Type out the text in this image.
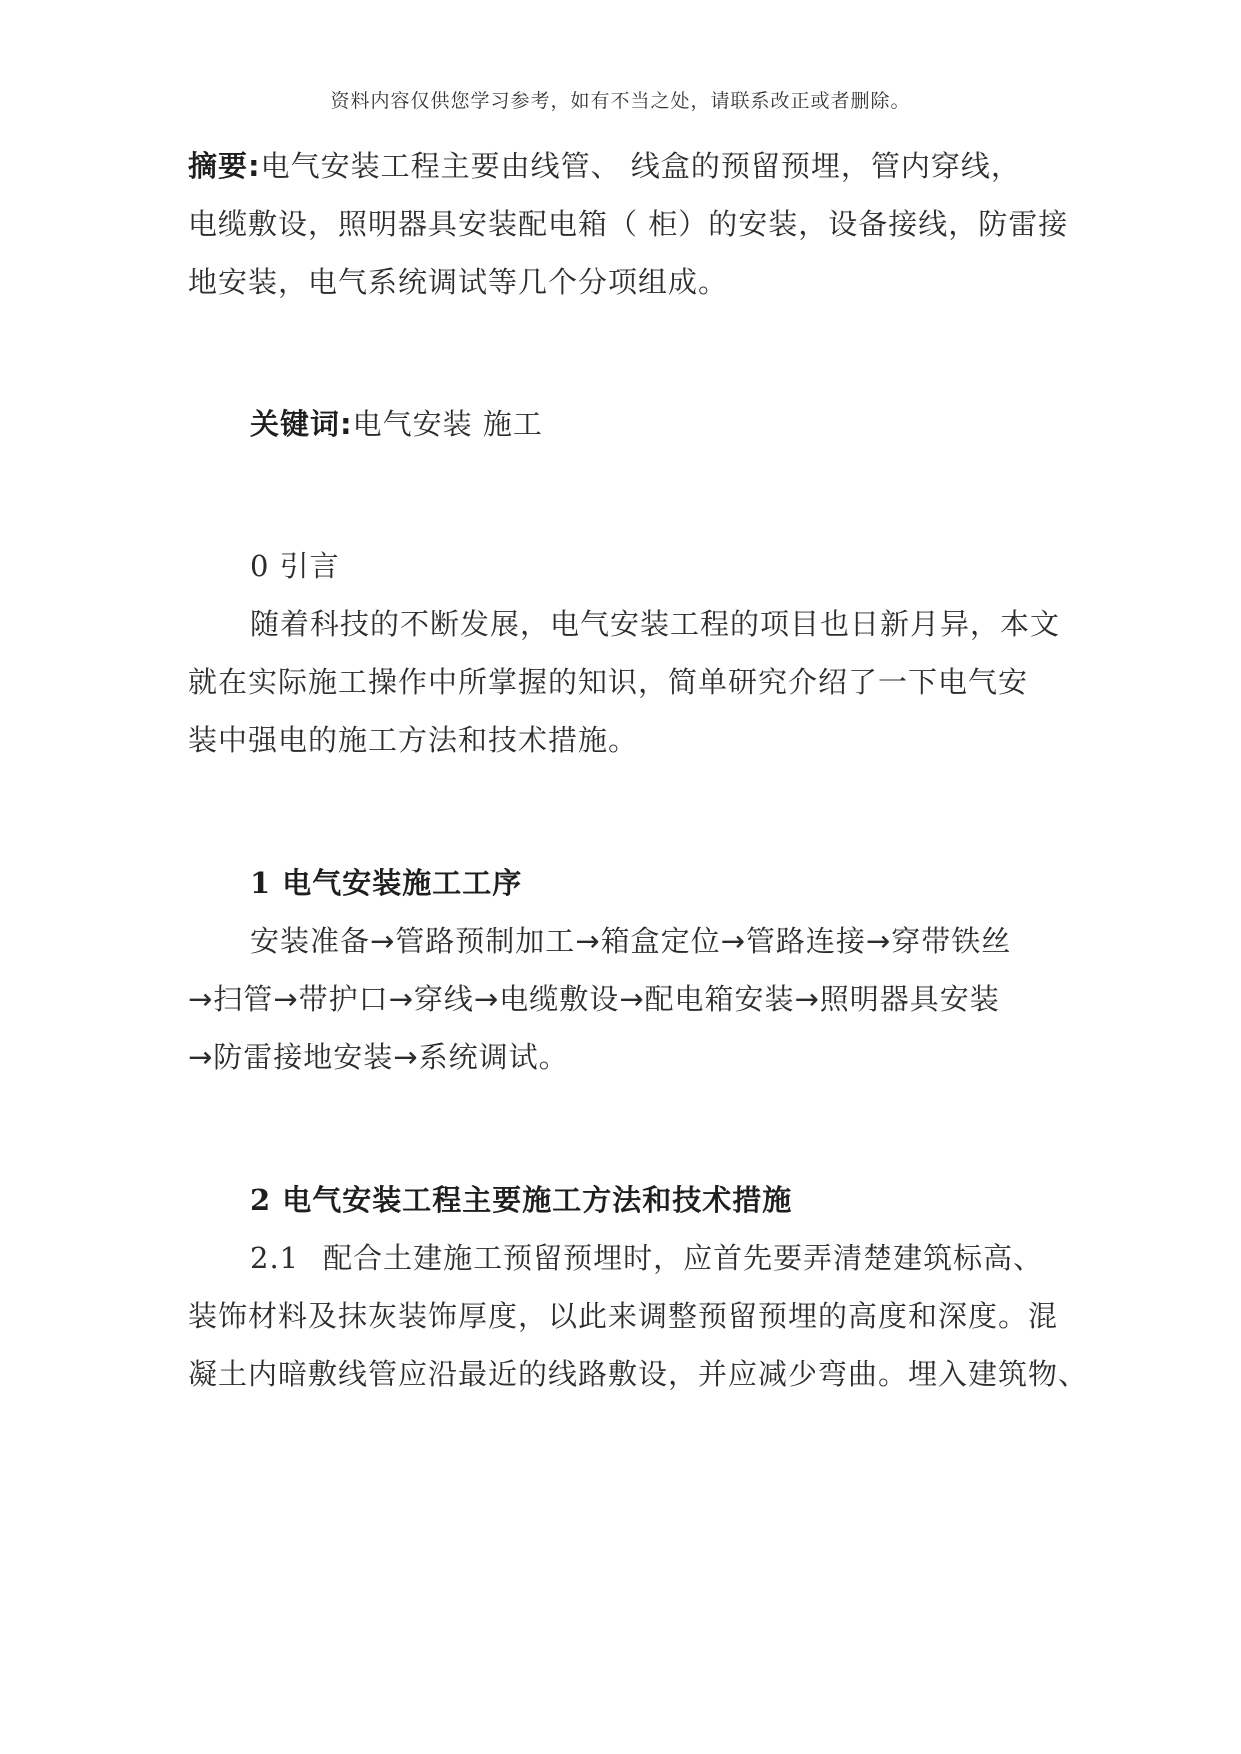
资料内容仅供您学习参考，如有不当之处，请联系改正或者删除。
摘要:电气安装工程主要由线管、 线盒的预留预埋，管内穿线，
电缆敷设，照明器具安装配电箱（ 柜）的安装，设备接线，防雷接
地安装，电气系统调试等几个分项组成。
关键词:电气安装 施工
0 引言
随着科技的不断发展，电气安装工程的项目也日新月异，本文
就在实际施工操作中所掌握的知识，简单研究介绍了一下电气安
装中强电的施工方法和技术措施。
1 电气安装施工工序
安装准备→管路预制加工→箱盒定位→管路连接→穿带铁丝
→扫管→带护口→穿线→电缆敷设→配电箱安装→照明器具安装
→防雷接地安装→系统调试。
2 电气安装工程主要施工方法和技术措施
2.1 配合土建施工预留预埋时，应首先要弄清楚建筑标高、
装饰材料及抹灰装饰厚度，以此来调整预留预埋的高度和深度。混
凝土内暗敷线管应沿最近的线路敷设，并应减少弯曲。埋入建筑物、
